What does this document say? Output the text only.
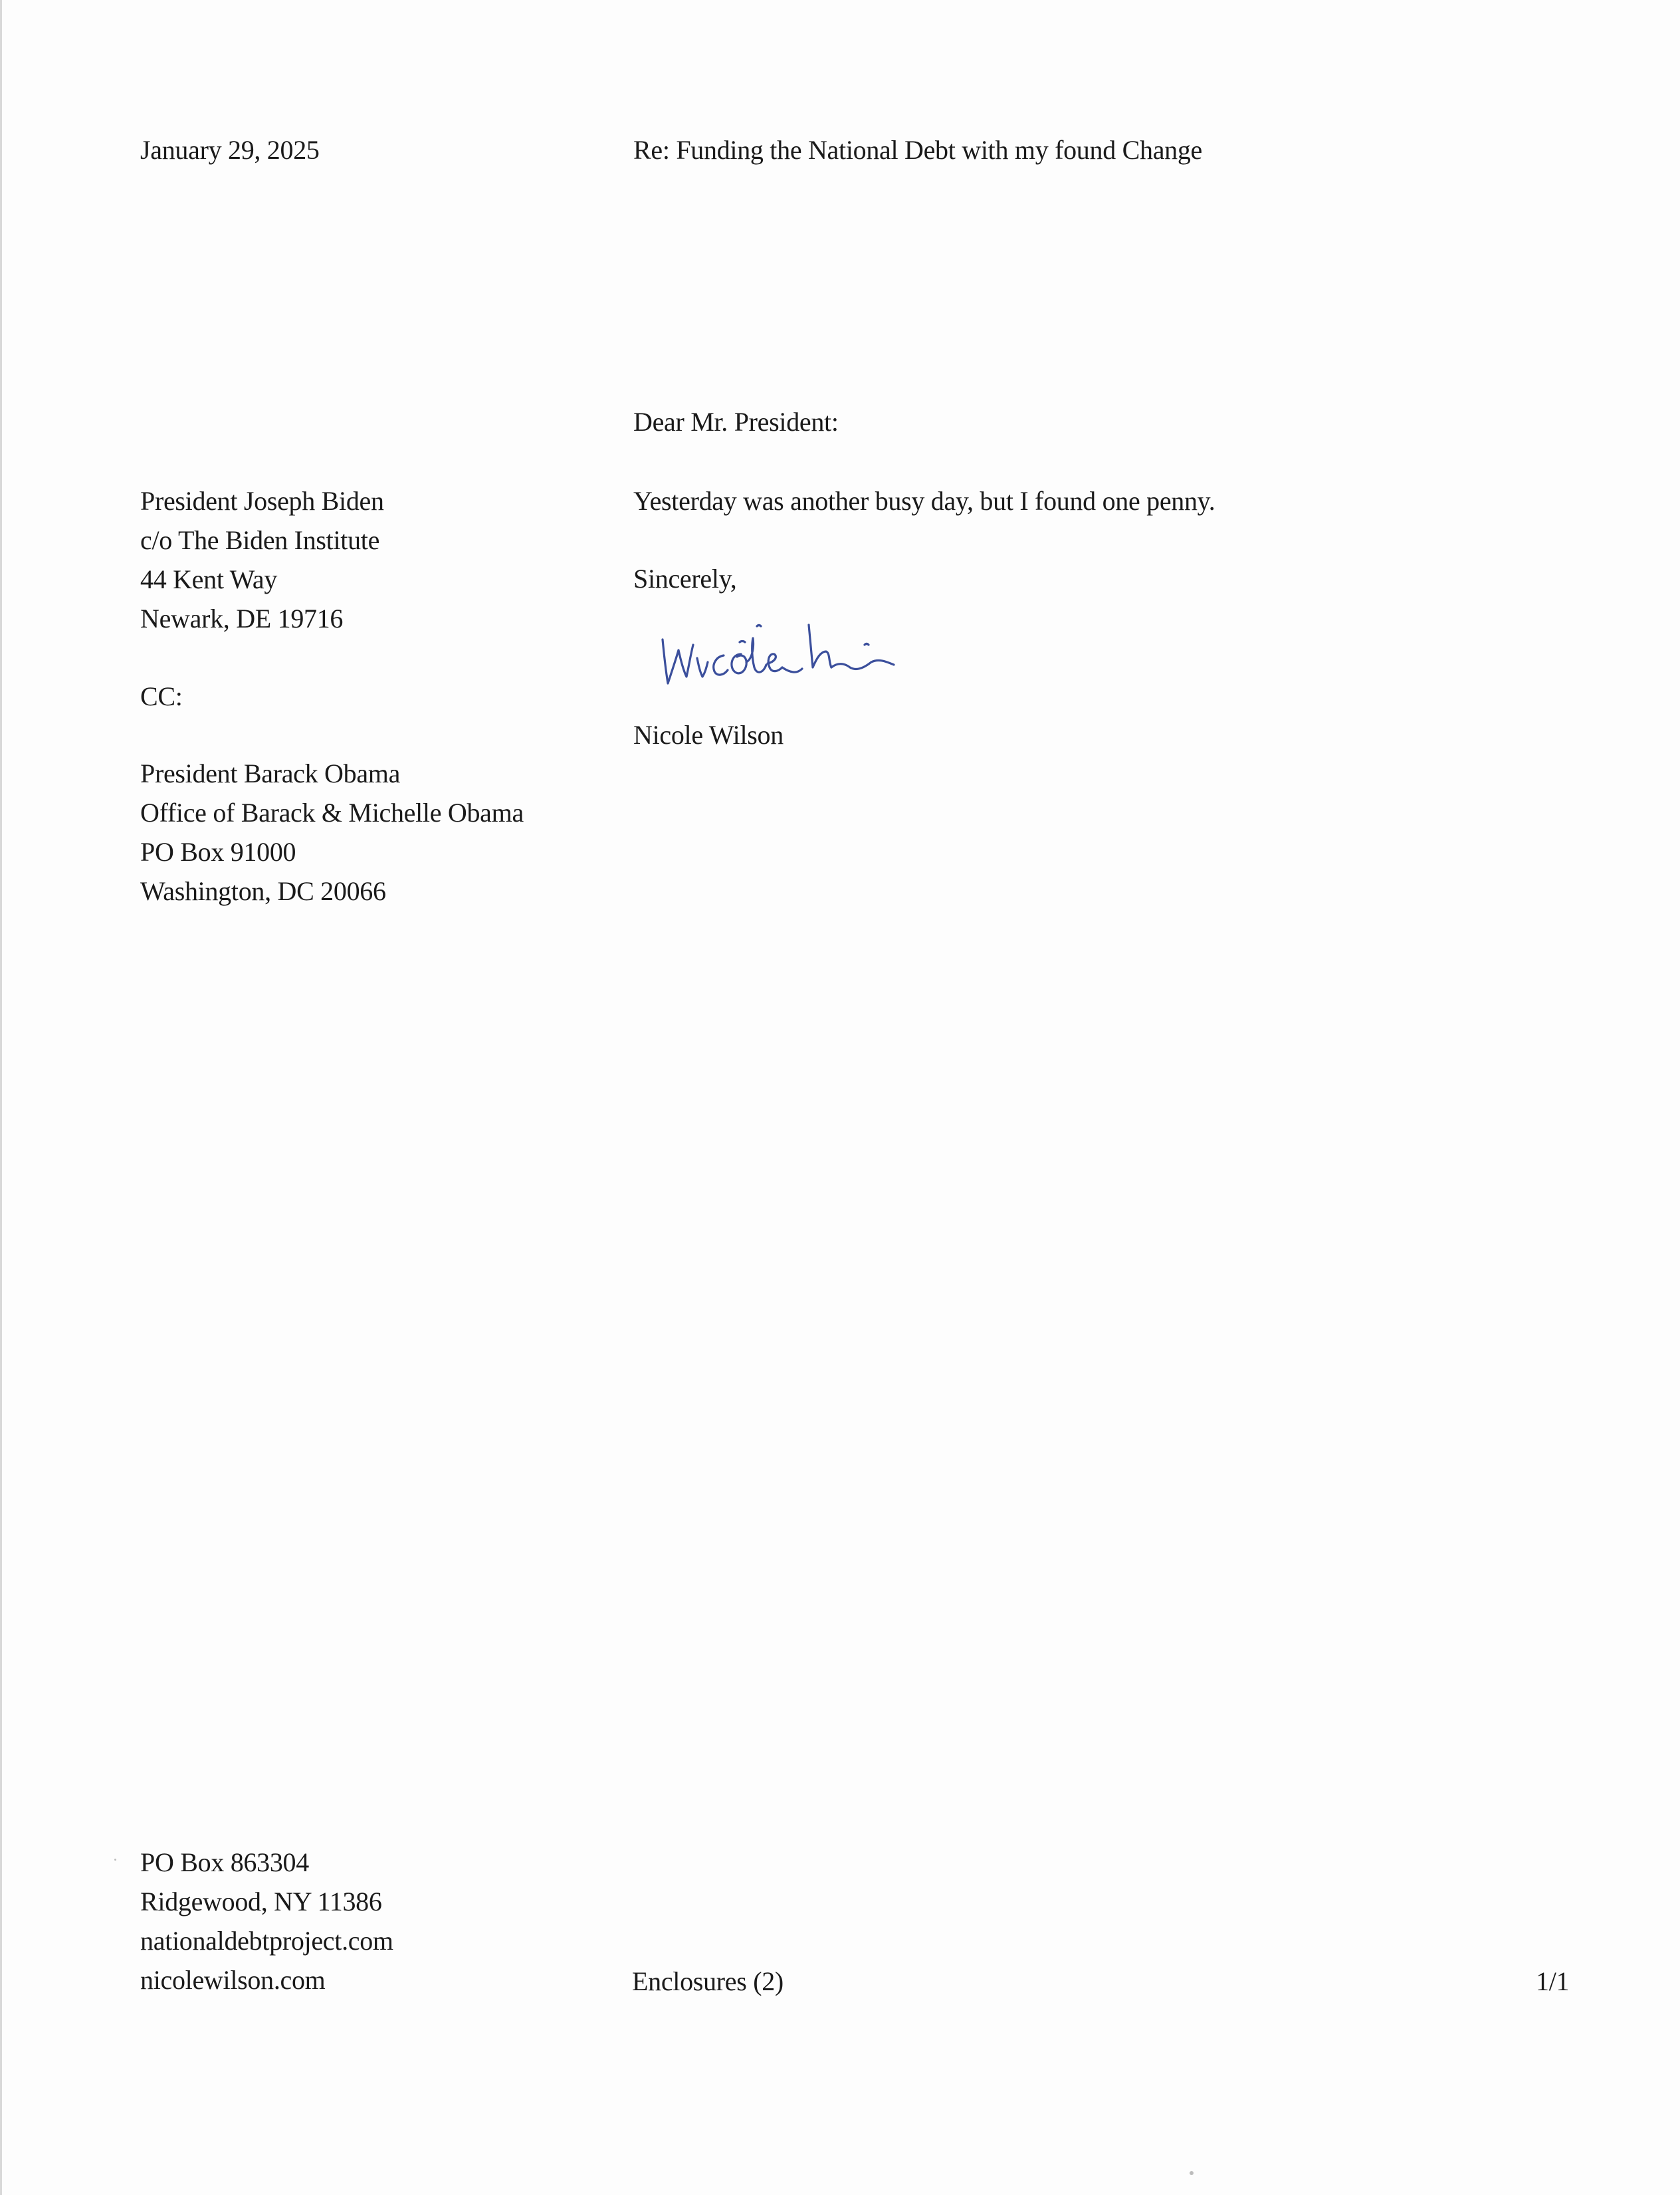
January 29, 2025	Re: Funding the National Debt with my found Change
Dear Mr. President:
President Joseph Biden
c/o The Biden Institute
44 Kent Way
Newark, DE 19716
Yesterday was another busy day, but I found one penny.
Sincerely,
Nicole Wilson
CC:
President Barack Obama
Office of Barack & Michelle Obama
PO Box 91000
Washington, DC 20066
PO Box 863304
Ridgewood, NY 11386
nationaldebtproject.com
nicolewilson.com	Enclosures (2)	1/1
